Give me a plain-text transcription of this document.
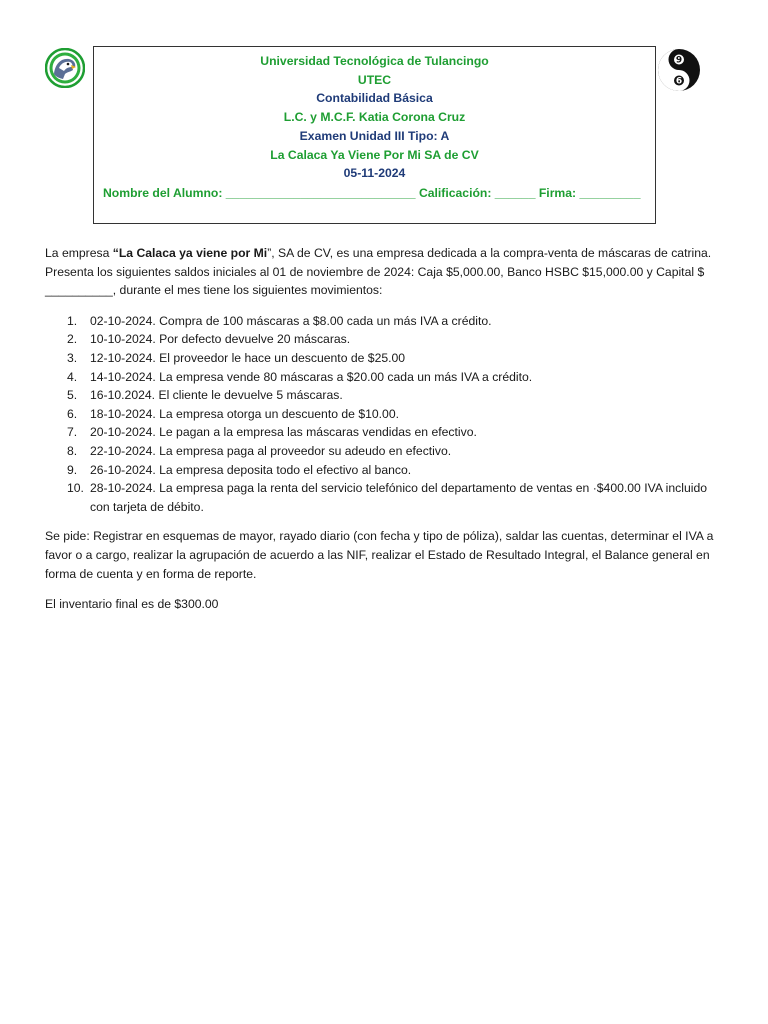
9
6
Universidad Tecnológica de Tulancingo
UTEC
Contabilidad Básica
L.C. y M.C.F. Katia Corona Cruz
Examen Unidad III Tipo: A
La Calaca Ya Viene Por Mi SA de CV
05-11-2024
Nombre del Alumno: ____________________________ Calificación: ______ Firma: _________

La empresa “La Calaca ya viene por Mi”, SA de CV, es una empresa dedicada a la compra-venta de máscaras de catrina. Presenta los siguientes saldos iniciales al 01 de noviembre de 2024: Caja $5,000.00, Banco HSBC $15,000.00 y Capital $ __________, durante el mes tiene los siguientes movimientos:

1. 02-10-2024. Compra de 100 máscaras a $8.00 cada un más IVA a crédito.
2. 10-10-2024. Por defecto devuelve 20 máscaras.
3. 12-10-2024. El proveedor le hace un descuento de $25.00
4. 14-10-2024. La empresa vende 80 máscaras a $20.00 cada un más IVA a crédito.
5. 16-10.2024. El cliente le devuelve 5 máscaras.
6. 18-10-2024. La empresa otorga un descuento de $10.00.
7. 20-10-2024. Le pagan a la empresa las máscaras vendidas en efectivo.
8. 22-10-2024. La empresa paga al proveedor su adeudo en efectivo.
9. 26-10-2024. La empresa deposita todo el efectivo al banco.
10. 28-10-2024. La empresa paga la renta del servicio telefónico del departamento de ventas en ·$400.00 IVA incluido con tarjeta de débito.

Se pide: Registrar en esquemas de mayor, rayado diario (con fecha y tipo de póliza), saldar las cuentas, determinar el IVA a favor o a cargo, realizar la agrupación de acuerdo a las NIF, realizar el Estado de Resultado Integral, el Balance general en forma de cuenta y en forma de reporte.

El inventario final es de $300.00
